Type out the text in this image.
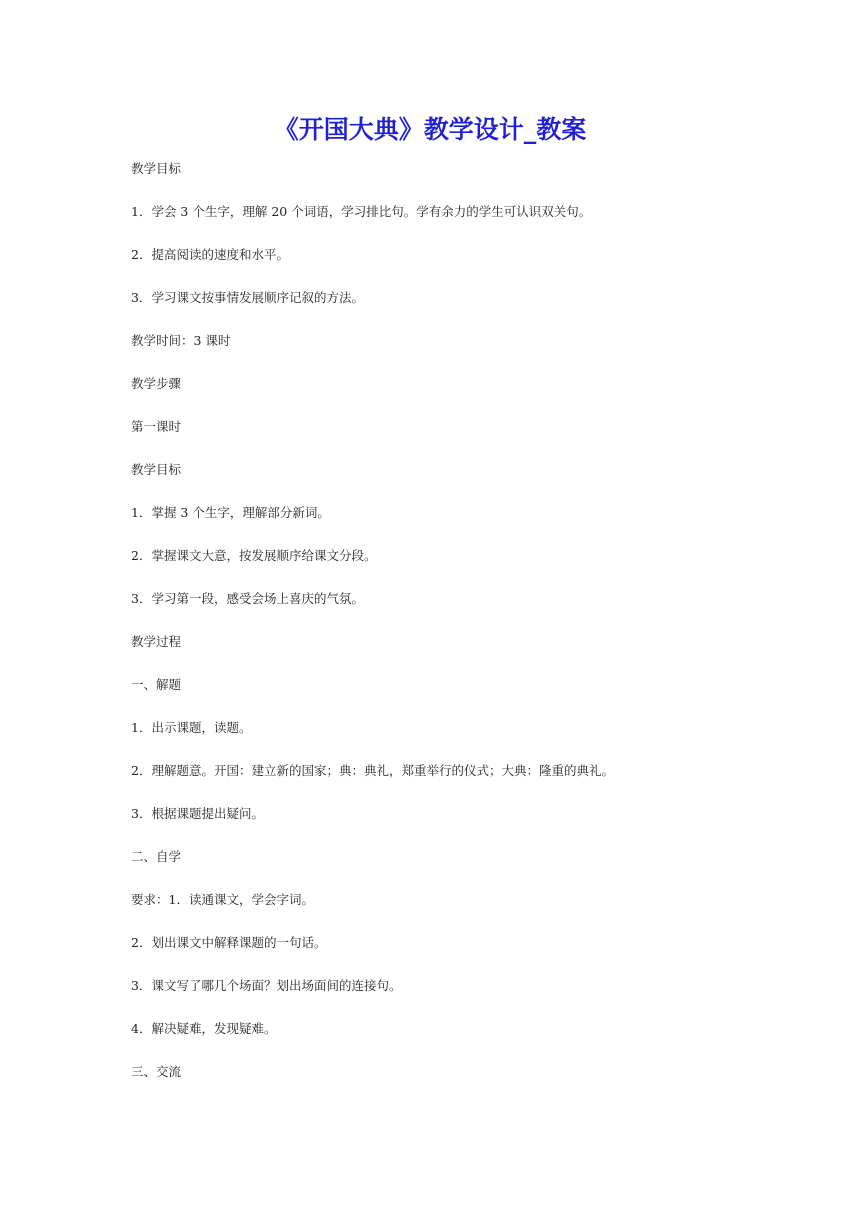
《开国大典》教学设计_教案
教学目标
1．学会 3 个生字，理解 20 个词语，学习排比句。学有余力的学生可认识双关句。
2．提高阅读的速度和水平。
3．学习课文按事情发展顺序记叙的方法。
教学时间：3 课时
教学步骤
第一课时
教学目标
1．掌握 3 个生字，理解部分新词。
2．掌握课文大意，按发展顺序给课文分段。
3．学习第一段，感受会场上喜庆的气氛。
教学过程
一、解题
1．出示课题，读题。
2．理解题意。开国：建立新的国家；典：典礼，郑重举行的仪式；大典：隆重的典礼。
3．根据课题提出疑问。
二、自学
要求：1．读通课文，学会字词。
2．划出课文中解释课题的一句话。
3．课文写了哪几个场面？划出场面间的连接句。
4．解决疑难，发现疑难。
三、交流
